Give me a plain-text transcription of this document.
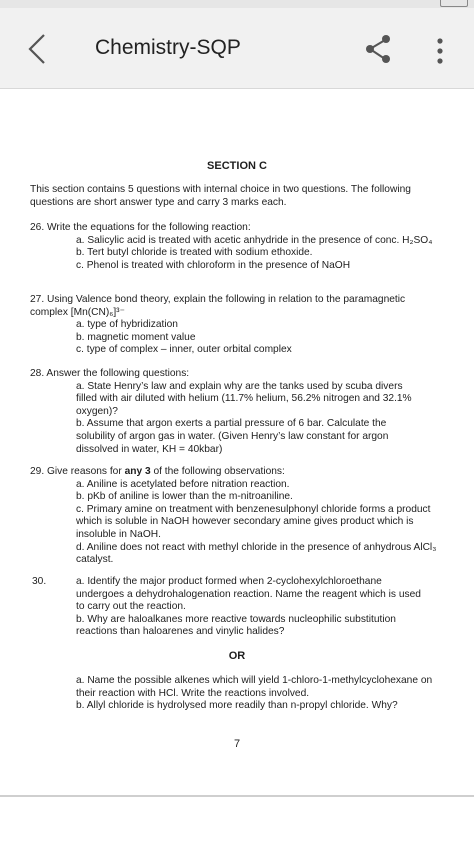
Chemistry-SQP
SECTION C
This section contains 5 questions with internal choice in two questions. The following questions are short answer type and carry 3 marks each.
26. Write the equations for the following reaction:
a. Salicylic acid is treated with acetic anhydride in the presence of conc. H₂SO₄
b. Tert butyl chloride is treated with sodium ethoxide.
c. Phenol is treated with chloroform in the presence of NaOH
27. Using Valence bond theory, explain the following in relation to the paramagnetic complex [Mn(CN)₆]³⁻
a. type of hybridization
b. magnetic moment value
c. type of complex – inner, outer orbital complex
28. Answer the following questions:
a. State Henry’s law and explain why are the tanks used by scuba divers filled with air diluted with helium (11.7% helium, 56.2% nitrogen and 32.1% oxygen)?
b. Assume that argon exerts a partial pressure of 6 bar. Calculate the solubility of argon gas in water. (Given Henry’s law constant for argon dissolved in water, KH = 40kbar)
29. Give reasons for any 3 of the following observations:
a. Aniline is acetylated before nitration reaction.
b. pKb of aniline is lower than the m-nitroaniline.
c. Primary amine on treatment with benzenesulphonyl chloride forms a product which is soluble in NaOH however secondary amine gives product which is insoluble in NaOH.
d. Aniline does not react with methyl chloride in the presence of anhydrous AlCl₃ catalyst.
30.	a. Identify the major product formed when 2-cyclohexylchloroethane undergoes a dehydrohalogenation reaction. Name the reagent which is used to carry out the reaction.
b. Why are haloalkanes more reactive towards nucleophilic substitution reactions than haloarenes and vinylic halides?
OR
a. Name the possible alkenes which will yield 1-chloro-1-methylcyclohexane on their reaction with HCl. Write the reactions involved.
b. Allyl chloride is hydrolysed more readily than n-propyl chloride. Why?
7
